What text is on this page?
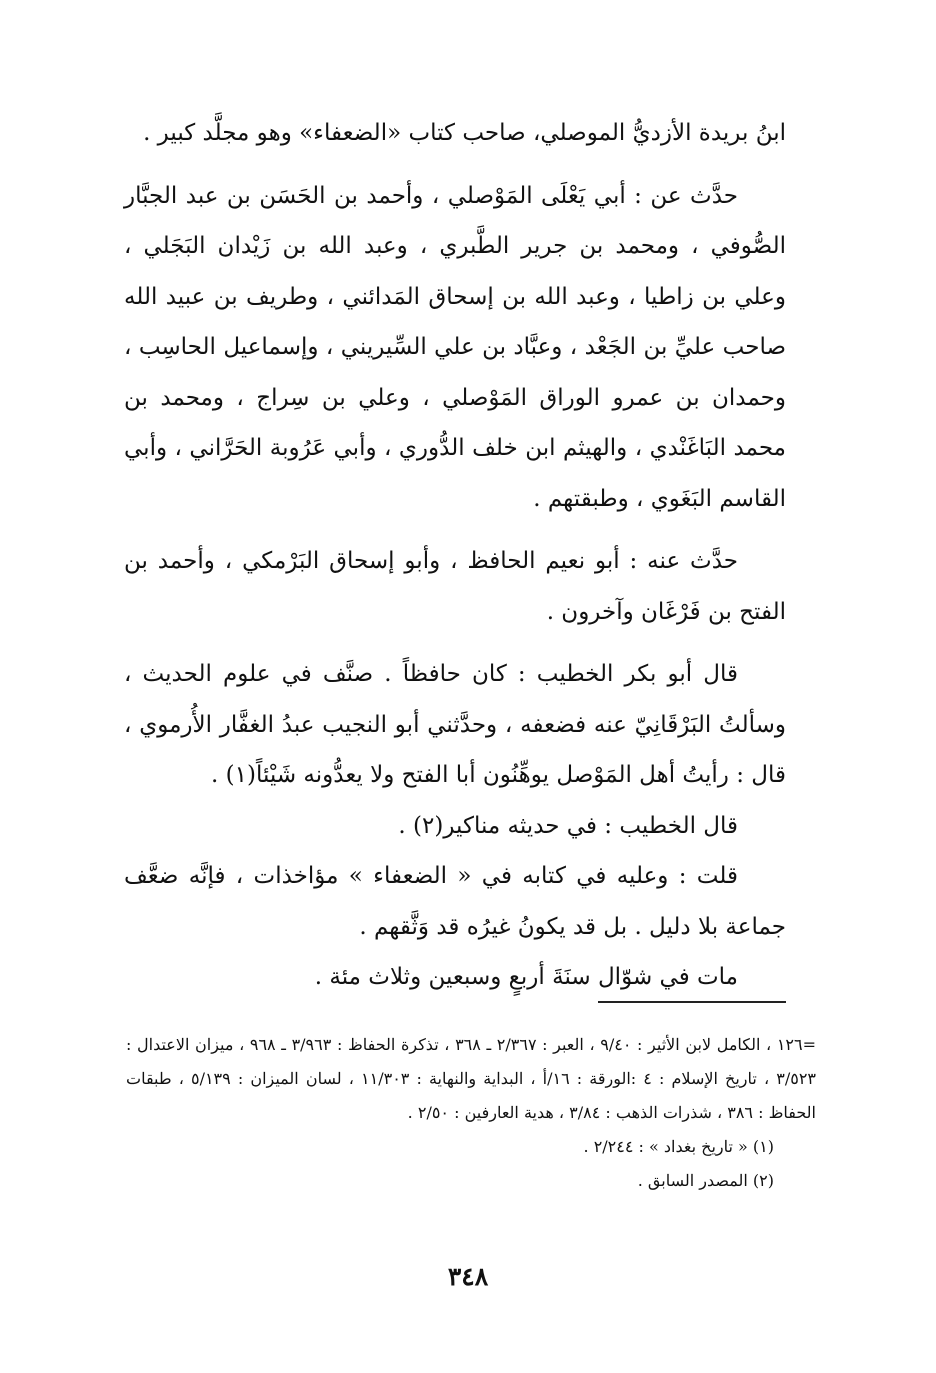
ابنُ بريدة الأزديُّ الموصلي، صاحب كتاب «الضعفاء» وهو مجلَّد كبير .

حدَّث عن : أبي يَعْلَى المَوْصلي ، وأحمد بن الحَسَن بن عبد الجبَّار الصُّوفي ، ومحمد بن جرير الطَّبري ، وعبد الله بن زَيْدان البَجَلي ، وعلي بن زاطيا ، وعبد الله بن إسحاق المَدائني ، وطريف بن عبيد الله صاحب عليِّ بن الجَعْد ، وعبَّاد بن علي السِّيريني ، وإسماعيل الحاسِب ، وحمدان بن عمرو الوراق المَوْصلي ، وعلي بن سِراج ، ومحمد بن محمد البَاغَنْدي ، والهيثم ابن خلف الدُّوري ، وأبي عَرُوبة الحَرَّاني ، وأبي القاسم البَغَوي ، وطبقتهم .

حدَّث عنه : أبو نعيم الحافظ ، وأبو إسحاق البَرْمكي ، وأحمد بن الفتح بن فَرْغَان وآخرون .

قال أبو بكر الخطيب : كان حافظاً . صنَّف في علوم الحديث ، وسألتُ البَرْقَانِيّ عنه فضعفه ، وحدَّثني أبو النجيب عبدُ الغفَّار الأُرموي ، قال : رأيتُ أهل المَوْصل يوهِّنُون أبا الفتح ولا يعدُّونه شَيْئاً(١) .

قال الخطيب : في حديثه مناكير(٢) .

قلت : وعليه في كتابه في « الضعفاء » مؤاخذات ، فإنَّه ضعَّف جماعة بلا دليل . بل قد يكونُ غيرُه قد وَثَّقهم .

مات في شوّال سنَةَ أربعٍ وسبعين وثلاث مئة .

=١٢٦ ، الكامل لابن الأثير : ٩/٤٠ ، العبر : ٢/٣٦٧ ـ ٣٦٨ ، تذكرة الحفاظ : ٣/٩٦٣ ـ ٩٦٨ ، ميزان الاعتدال : ٣/٥٢٣ ، تاريخ الإسلام : ٤ :الورقة : ١٦/أ ، البداية والنهاية : ١١/٣٠٣ ، لسان الميزان : ٥/١٣٩ ، طبقات الحفاظ : ٣٨٦ ، شذرات الذهب : ٣/٨٤ ، هدية العارفين : ٢/٥٠ .

(١) « تاريخ بغداد » : ٢/٢٤٤ .

(٢) المصدر السابق .

٣٤٨
